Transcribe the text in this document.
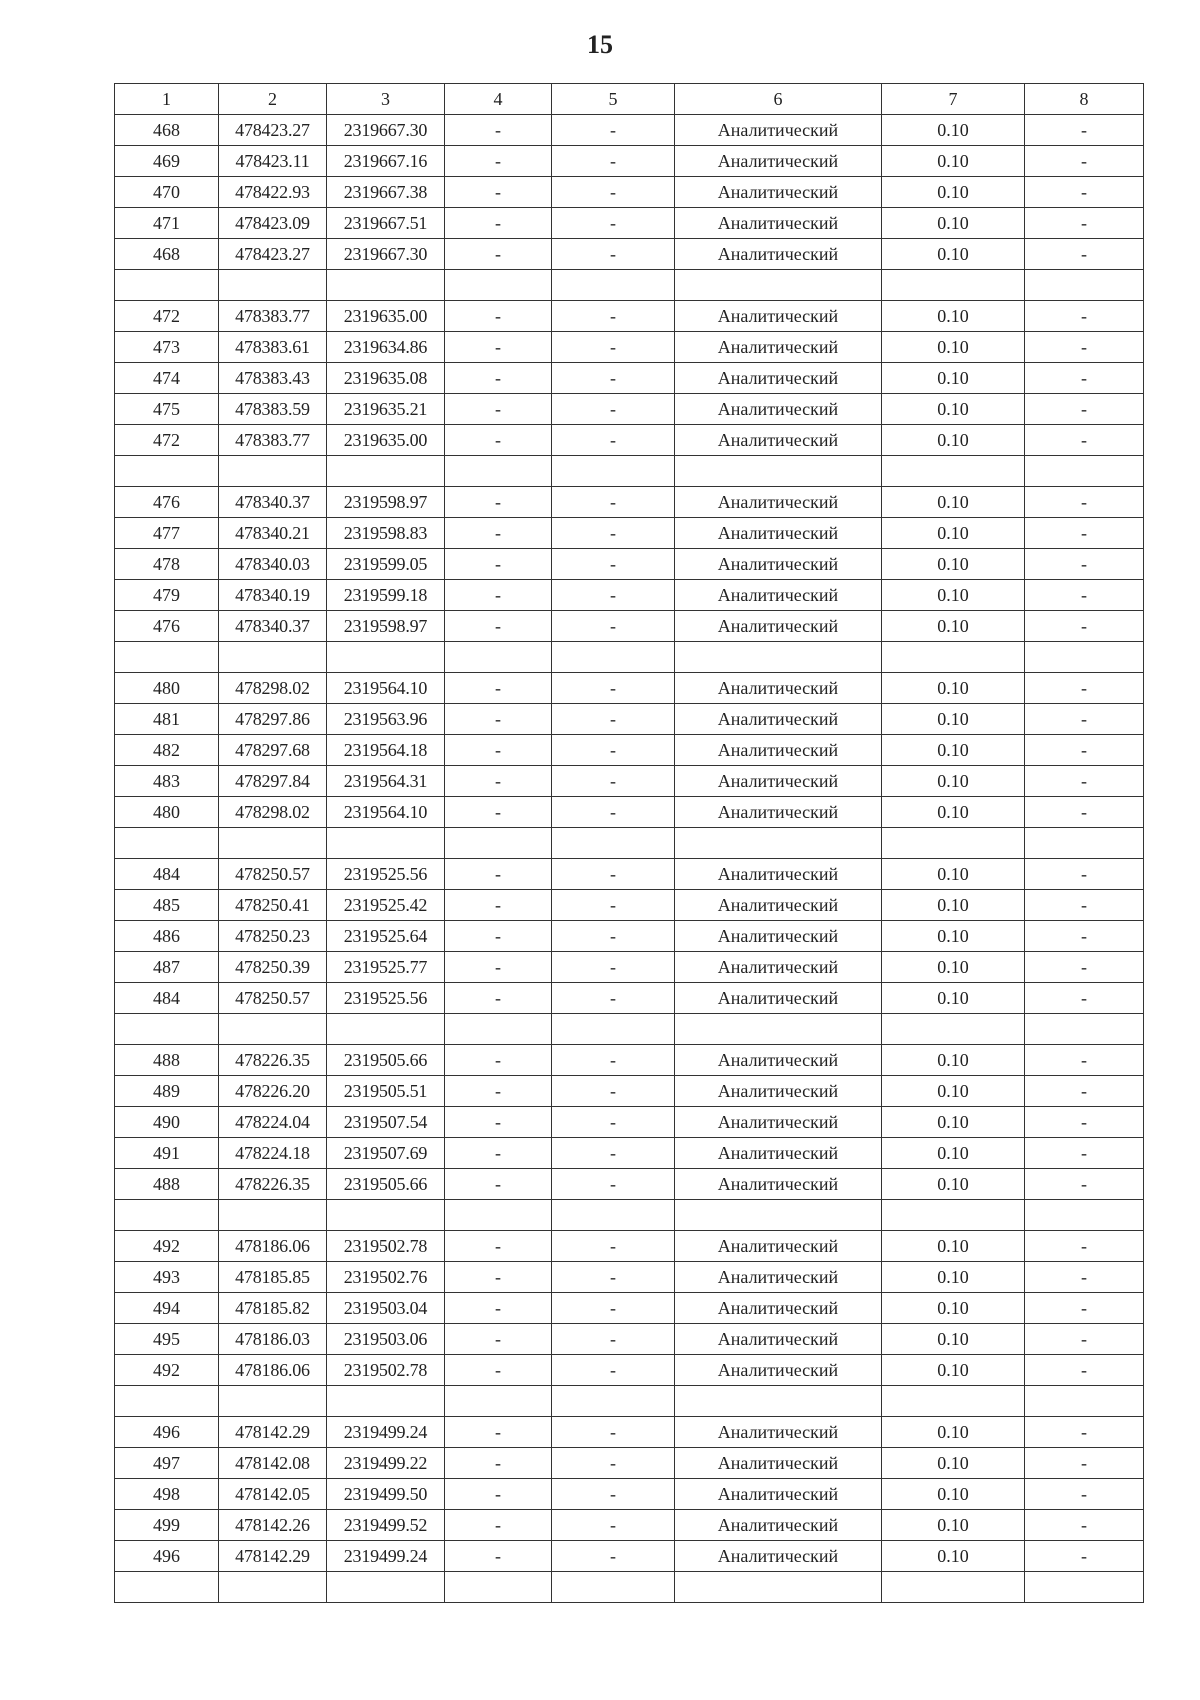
15
1	2	3	4	5	6	7	8
468	478423.27	2319667.30	-	-	Аналитический	0.10	-
469	478423.11	2319667.16	-	-	Аналитический	0.10	-
470	478422.93	2319667.38	-	-	Аналитический	0.10	-
471	478423.09	2319667.51	-	-	Аналитический	0.10	-
468	478423.27	2319667.30	-	-	Аналитический	0.10	-

472	478383.77	2319635.00	-	-	Аналитический	0.10	-
473	478383.61	2319634.86	-	-	Аналитический	0.10	-
474	478383.43	2319635.08	-	-	Аналитический	0.10	-
475	478383.59	2319635.21	-	-	Аналитический	0.10	-
472	478383.77	2319635.00	-	-	Аналитический	0.10	-

476	478340.37	2319598.97	-	-	Аналитический	0.10	-
477	478340.21	2319598.83	-	-	Аналитический	0.10	-
478	478340.03	2319599.05	-	-	Аналитический	0.10	-
479	478340.19	2319599.18	-	-	Аналитический	0.10	-
476	478340.37	2319598.97	-	-	Аналитический	0.10	-

480	478298.02	2319564.10	-	-	Аналитический	0.10	-
481	478297.86	2319563.96	-	-	Аналитический	0.10	-
482	478297.68	2319564.18	-	-	Аналитический	0.10	-
483	478297.84	2319564.31	-	-	Аналитический	0.10	-
480	478298.02	2319564.10	-	-	Аналитический	0.10	-

484	478250.57	2319525.56	-	-	Аналитический	0.10	-
485	478250.41	2319525.42	-	-	Аналитический	0.10	-
486	478250.23	2319525.64	-	-	Аналитический	0.10	-
487	478250.39	2319525.77	-	-	Аналитический	0.10	-
484	478250.57	2319525.56	-	-	Аналитический	0.10	-

488	478226.35	2319505.66	-	-	Аналитический	0.10	-
489	478226.20	2319505.51	-	-	Аналитический	0.10	-
490	478224.04	2319507.54	-	-	Аналитический	0.10	-
491	478224.18	2319507.69	-	-	Аналитический	0.10	-
488	478226.35	2319505.66	-	-	Аналитический	0.10	-

492	478186.06	2319502.78	-	-	Аналитический	0.10	-
493	478185.85	2319502.76	-	-	Аналитический	0.10	-
494	478185.82	2319503.04	-	-	Аналитический	0.10	-
495	478186.03	2319503.06	-	-	Аналитический	0.10	-
492	478186.06	2319502.78	-	-	Аналитический	0.10	-

496	478142.29	2319499.24	-	-	Аналитический	0.10	-
497	478142.08	2319499.22	-	-	Аналитический	0.10	-
498	478142.05	2319499.50	-	-	Аналитический	0.10	-
499	478142.26	2319499.52	-	-	Аналитический	0.10	-
496	478142.29	2319499.24	-	-	Аналитический	0.10	-
